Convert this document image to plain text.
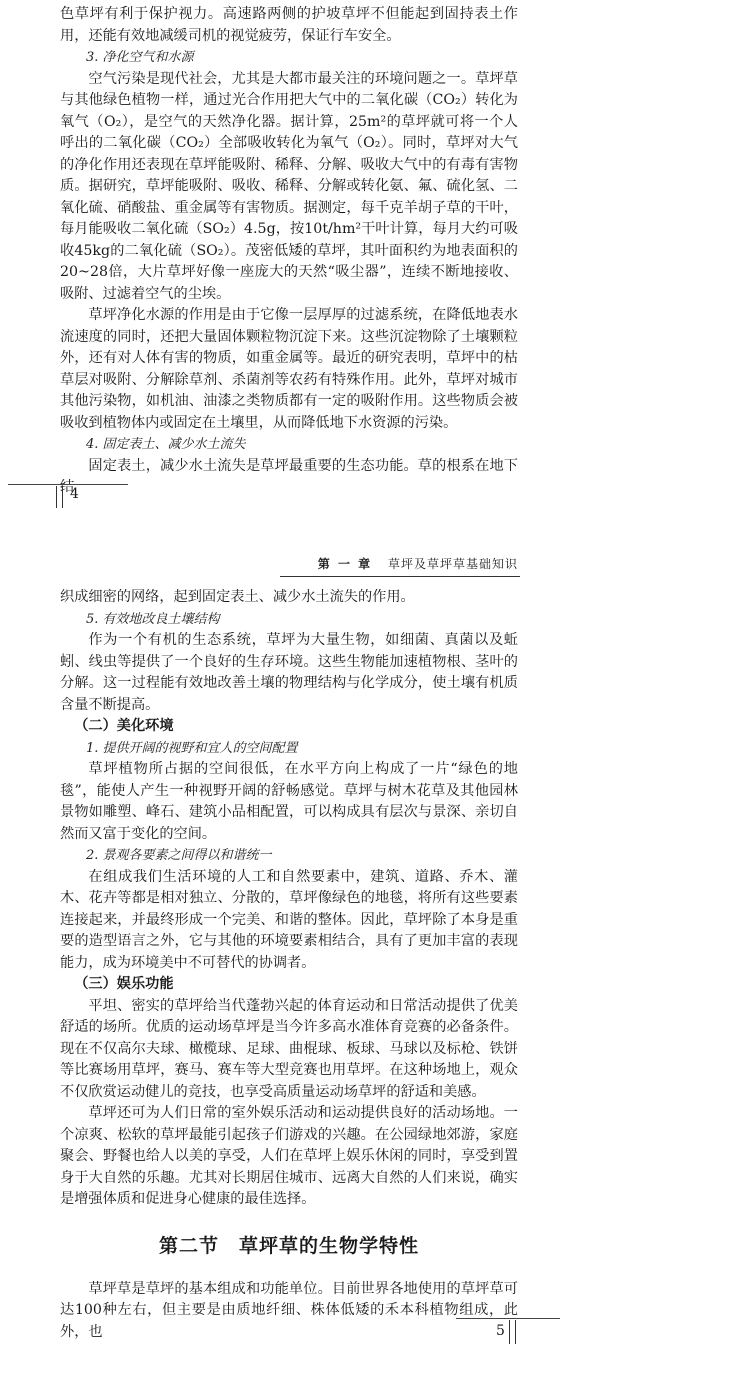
色草坪有利于保护视力。高速路两侧的护坡草坪不但能起到固持表土作用，还能有效地减缓司机的视觉疲劳，保证行车安全。

3. 净化空气和水源

空气污染是现代社会，尤其是大都市最关注的环境问题之一。草坪草与其他绿色植物一样，通过光合作用把大气中的二氧化碳（CO₂）转化为氧气（O₂），是空气的天然净化器。据计算，25m²的草坪就可将一个人呼出的二氧化碳（CO₂）全部吸收转化为氧气（O₂）。同时，草坪对大气的净化作用还表现在草坪能吸附、稀释、分解、吸收大气中的有毒有害物质。据研究，草坪能吸附、吸收、稀释、分解或转化氨、氟、硫化氢、二氧化硫、硝酸盐、重金属等有害物质。据测定，每千克羊胡子草的干叶，每月能吸收二氧化硫（SO₂）4.5g，按10t/hm²干叶计算，每月大约可吸收45kg的二氧化硫（SO₂）。茂密低矮的草坪，其叶面积约为地表面积的20~28倍，大片草坪好像一座庞大的天然“吸尘器”，连续不断地接收、吸附、过滤着空气的尘埃。

草坪净化水源的作用是由于它像一层厚厚的过滤系统，在降低地表水流速度的同时，还把大量固体颗粒物沉淀下来。这些沉淀物除了土壤颗粒外，还有对人体有害的物质，如重金属等。最近的研究表明，草坪中的枯草层对吸附、分解除草剂、杀菌剂等农药有特殊作用。此外，草坪对城市其他污染物，如机油、油漆之类物质都有一定的吸附作用。这些物质会被吸收到植物体内或固定在土壤里，从而降低地下水资源的污染。

4. 固定表土、减少水土流失

固定表土，减少水土流失是草坪最重要的生态功能。草的根系在地下结

4
第 一 章 草坪及草坪草基础知识

织成细密的网络，起到固定表土、减少水土流失的作用。

5. 有效地改良土壤结构

作为一个有机的生态系统，草坪为大量生物，如细菌、真菌以及蚯蚓、线虫等提供了一个良好的生存环境。这些生物能加速植物根、茎叶的分解。这一过程能有效地改善土壤的物理结构与化学成分，使土壤有机质含量不断提高。

（二）美化环境

1. 提供开阔的视野和宜人的空间配置

草坪植物所占据的空间很低，在水平方向上构成了一片“绿色的地毯”，能使人产生一种视野开阔的舒畅感觉。草坪与树木花草及其他园林景物如雕塑、峰石、建筑小品相配置，可以构成具有层次与景深、亲切自然而又富于变化的空间。

2. 景观各要素之间得以和谐统一

在组成我们生活环境的人工和自然要素中，建筑、道路、乔木、灌木、花卉等都是相对独立、分散的，草坪像绿色的地毯，将所有这些要素连接起来，并最终形成一个完美、和谐的整体。因此，草坪除了本身是重要的造型语言之外，它与其他的环境要素相结合，具有了更加丰富的表现能力，成为环境美中不可替代的协调者。

（三）娱乐功能

平坦、密实的草坪给当代蓬勃兴起的体育运动和日常活动提供了优美舒适的场所。优质的运动场草坪是当今许多高水准体育竞赛的必备条件。现在不仅高尔夫球、橄榄球、足球、曲棍球、板球、马球以及标枪、铁饼等比赛场用草坪，赛马、赛车等大型竞赛也用草坪。在这种场地上，观众不仅欣赏运动健儿的竞技，也享受高质量运动场草坪的舒适和美感。

草坪还可为人们日常的室外娱乐活动和运动提供良好的活动场地。一个凉爽、松软的草坪最能引起孩子们游戏的兴趣。在公园绿地郊游，家庭聚会、野餐也给人以美的享受，人们在草坪上娱乐休闲的同时，享受到置身于大自然的乐趣。尤其对长期居住城市、远离大自然的人们来说，确实是增强体质和促进身心健康的最佳选择。

第二节　草坪草的生物学特性

草坪草是草坪的基本组成和功能单位。目前世界各地使用的草坪草可达100种左右，但主要是由质地纤细、株体低矮的禾本科植物组成，此外，也	5
